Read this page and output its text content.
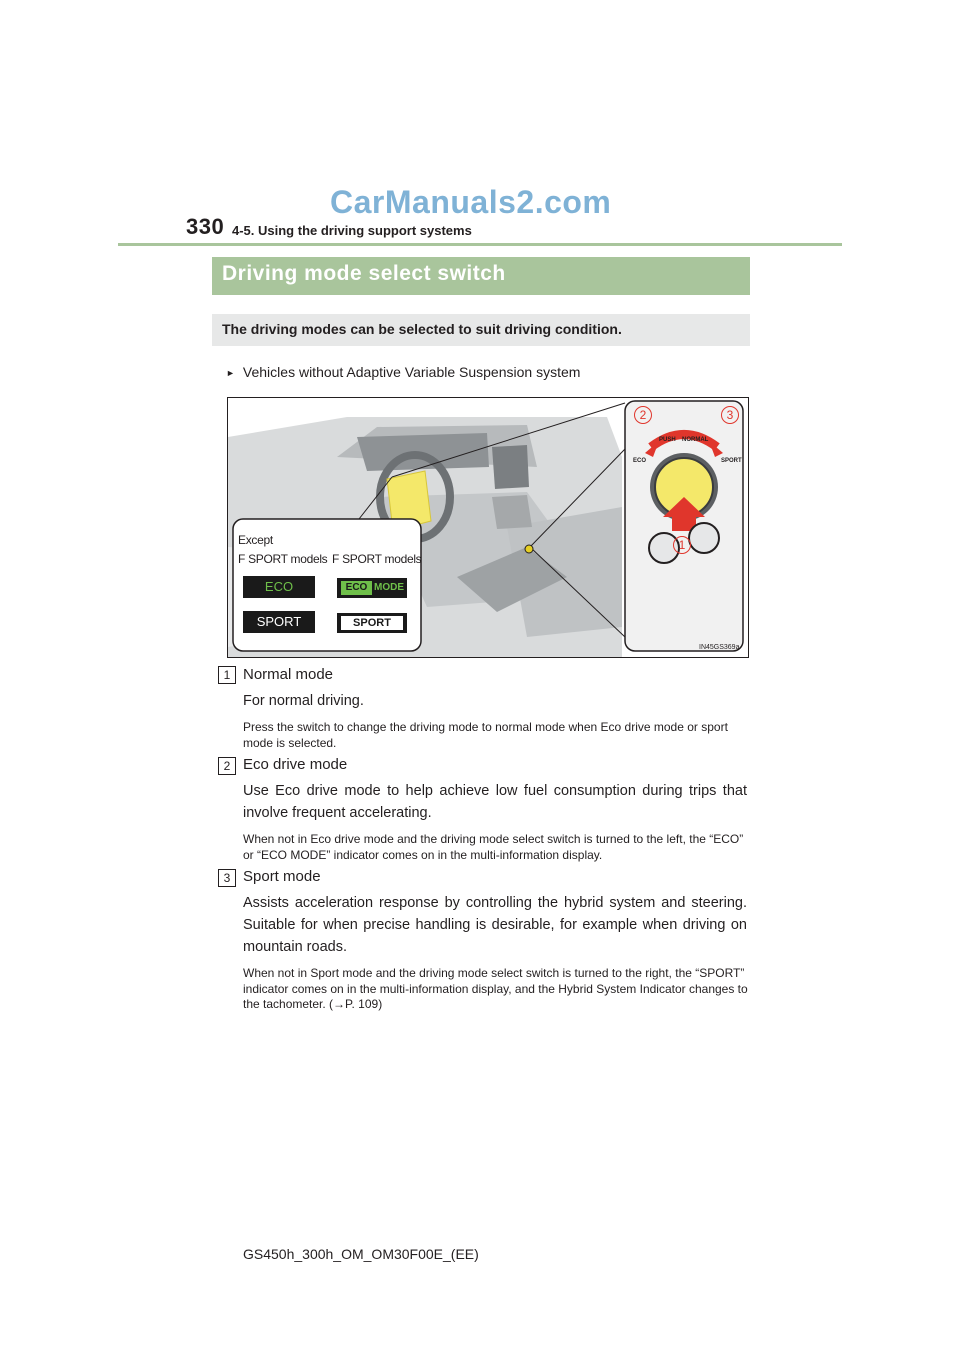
CarManuals2.com
330 4-5. Using the driving support systems
Driving mode select switch
The driving modes can be selected to suit driving condition.
► Vehicles without Adaptive Variable Suspension system
Except
F SPORT models F SPORT models
ECO	ECO MODE
SPORT	SPORT
PUSH NORMAL
ECO	SPORT
2	3
1
IN45GS369a
1 Normal mode
For normal driving.
Press the switch to change the driving mode to normal mode when Eco drive mode or sport mode is selected.
2 Eco drive mode
Use Eco drive mode to help achieve low fuel consumption during trips that involve frequent accelerating.
When not in Eco drive mode and the driving mode select switch is turned to the left, the “ECO” or “ECO MODE” indicator comes on in the multi-information display.
3 Sport mode
Assists acceleration response by controlling the hybrid system and steering. Suitable for when precise handling is desirable, for example when driving on mountain roads.
When not in Sport mode and the driving mode select switch is turned to the right, the “SPORT” indicator comes on in the multi-information display, and the Hybrid System Indicator changes to the tachometer. (→P. 109)
GS450h_300h_OM_OM30F00E_(EE)
